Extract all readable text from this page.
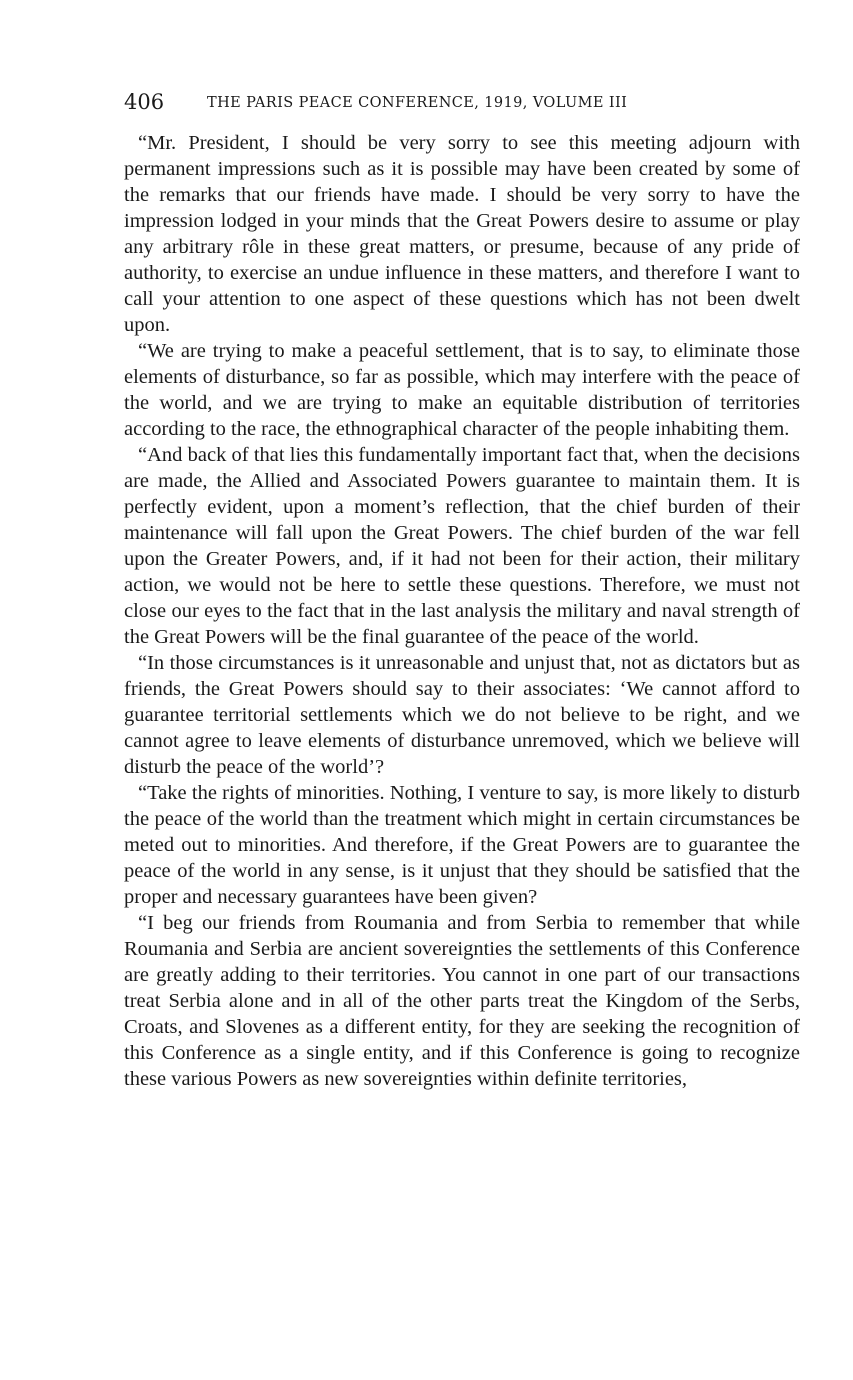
406	THE PARIS PEACE CONFERENCE, 1919, VOLUME III

“Mr. President, I should be very sorry to see this meeting adjourn with permanent impressions such as it is possible may have been created by some of the remarks that our friends have made. I should be very sorry to have the impression lodged in your minds that the Great Powers desire to assume or play any arbitrary rôle in these great matters, or presume, because of any pride of authority, to exercise an undue influence in these matters, and therefore I want to call your attention to one aspect of these questions which has not been dwelt upon.

“We are trying to make a peaceful settlement, that is to say, to eliminate those elements of disturbance, so far as possible, which may interfere with the peace of the world, and we are trying to make an equitable distribution of territories according to the race, the ethnographical character of the people inhabiting them.

“And back of that lies this fundamentally important fact that, when the decisions are made, the Allied and Associated Powers guarantee to maintain them. It is perfectly evident, upon a moment’s reflection, that the chief burden of their maintenance will fall upon the Great Powers. The chief burden of the war fell upon the Greater Powers, and, if it had not been for their action, their military action, we would not be here to settle these questions. Therefore, we must not close our eyes to the fact that in the last analysis the military and naval strength of the Great Powers will be the final guarantee of the peace of the world.

“In those circumstances is it unreasonable and unjust that, not as dictators but as friends, the Great Powers should say to their associates: ‘We cannot afford to guarantee territorial settlements which we do not believe to be right, and we cannot agree to leave elements of disturbance unremoved, which we believe will disturb the peace of the world’?

“Take the rights of minorities. Nothing, I venture to say, is more likely to disturb the peace of the world than the treatment which might in certain circumstances be meted out to minorities. And therefore, if the Great Powers are to guarantee the peace of the world in any sense, is it unjust that they should be satisfied that the proper and necessary guarantees have been given?

“I beg our friends from Roumania and from Serbia to remember that while Roumania and Serbia are ancient sovereignties the settlements of this Conference are greatly adding to their territories. You cannot in one part of our transactions treat Serbia alone and in all of the other parts treat the Kingdom of the Serbs, Croats, and Slovenes as a different entity, for they are seeking the recognition of this Conference as a single entity, and if this Conference is going to recognize these various Powers as new sovereignties within definite territories,
